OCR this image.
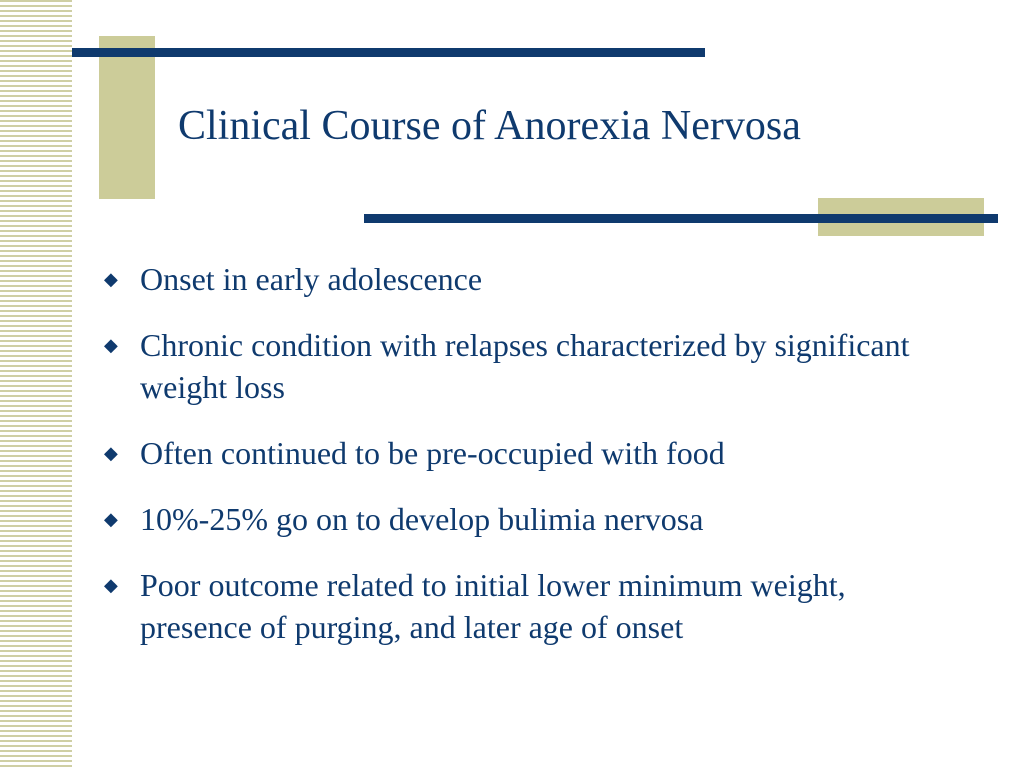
Clinical Course of Anorexia Nervosa
◆ Onset in early adolescence
◆ Chronic condition with relapses characterized by significant weight loss
◆ Often continued to be pre-occupied with food
◆ 10%-25% go on to develop bulimia nervosa
◆ Poor outcome related to initial lower minimum weight, presence of purging, and later age of onset
